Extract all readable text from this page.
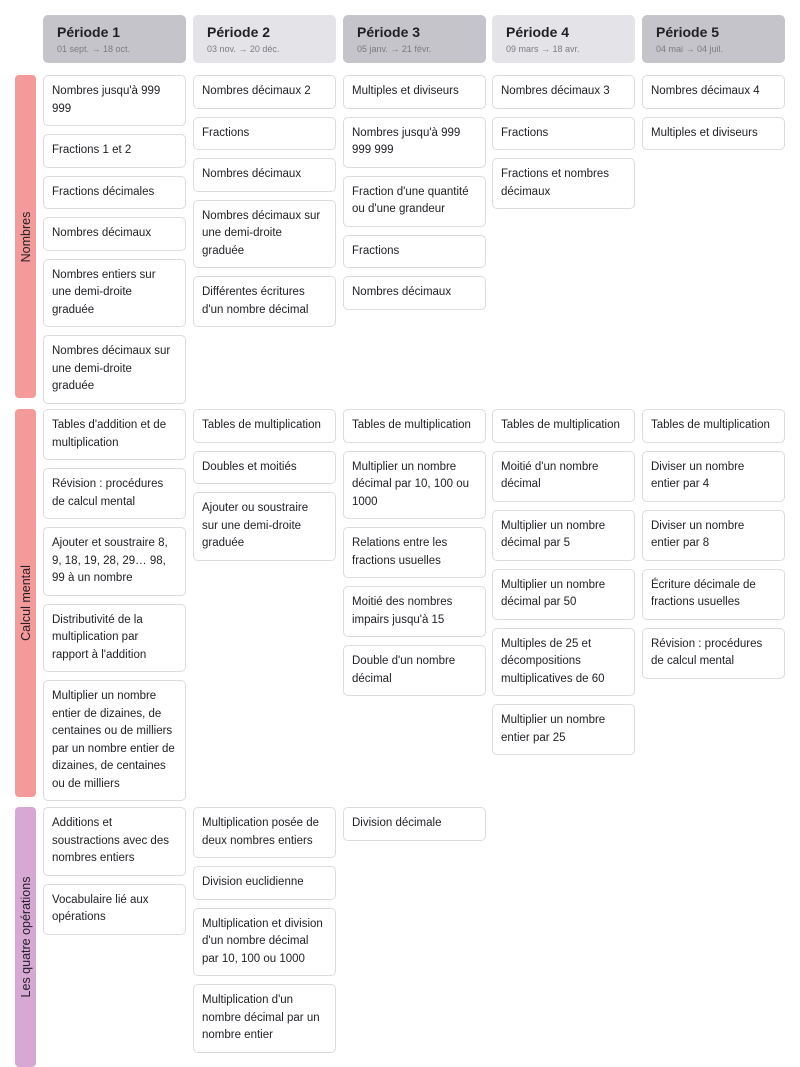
Période 1
01 sept. → 18 oct.
Période 2
03 nov. → 20 déc.
Période 3
05 janv. → 21 févr.
Période 4
09 mars → 18 avr.
Période 5
04 mai → 04 juil.
Nombres
Calcul mental
Les quatre opérations
Nombres jusqu'à 999 999
Fractions 1 et 2
Fractions décimales
Nombres décimaux
Nombres entiers sur une demi-droite graduée
Nombres décimaux sur une demi-droite graduée
Nombres décimaux 2
Fractions
Nombres décimaux
Nombres décimaux sur une demi-droite graduée
Différentes écritures d'un nombre décimal
Multiples et diviseurs
Nombres jusqu'à 999 999 999
Fraction d'une quantité ou d'une grandeur
Fractions
Nombres décimaux
Nombres décimaux 3
Fractions
Fractions et nombres décimaux
Nombres décimaux 4
Multiples et diviseurs
Tables d'addition et de multiplication
Révision : procédures de calcul mental
Ajouter et soustraire 8, 9, 18, 19, 28, 29… 98, 99 à un nombre
Distributivité de la multiplication par rapport à l'addition
Multiplier un nombre entier de dizaines, de centaines ou de milliers par un nombre entier de dizaines, de centaines ou de milliers
Tables de multiplication
Doubles et moitiés
Ajouter ou soustraire sur une demi-droite graduée
Tables de multiplication
Multiplier un nombre décimal par 10, 100 ou 1000
Relations entre les fractions usuelles
Moitié des nombres impairs jusqu'à 15
Double d'un nombre décimal
Tables de multiplication
Moitié d'un nombre décimal
Multiplier un nombre décimal par 5
Multiplier un nombre décimal par 50
Multiples de 25 et décompositions multiplicatives de 60
Multiplier un nombre entier par 25
Tables de multiplication
Diviser un nombre entier par 4
Diviser un nombre entier par 8
Écriture décimale de fractions usuelles
Révision : procédures de calcul mental
Additions et soustractions avec des nombres entiers
Vocabulaire lié aux opérations
Multiplication posée de deux nombres entiers
Division euclidienne
Multiplication et division d'un nombre décimal par 10, 100 ou 1000
Multiplication d'un nombre décimal par un nombre entier
Division décimale
